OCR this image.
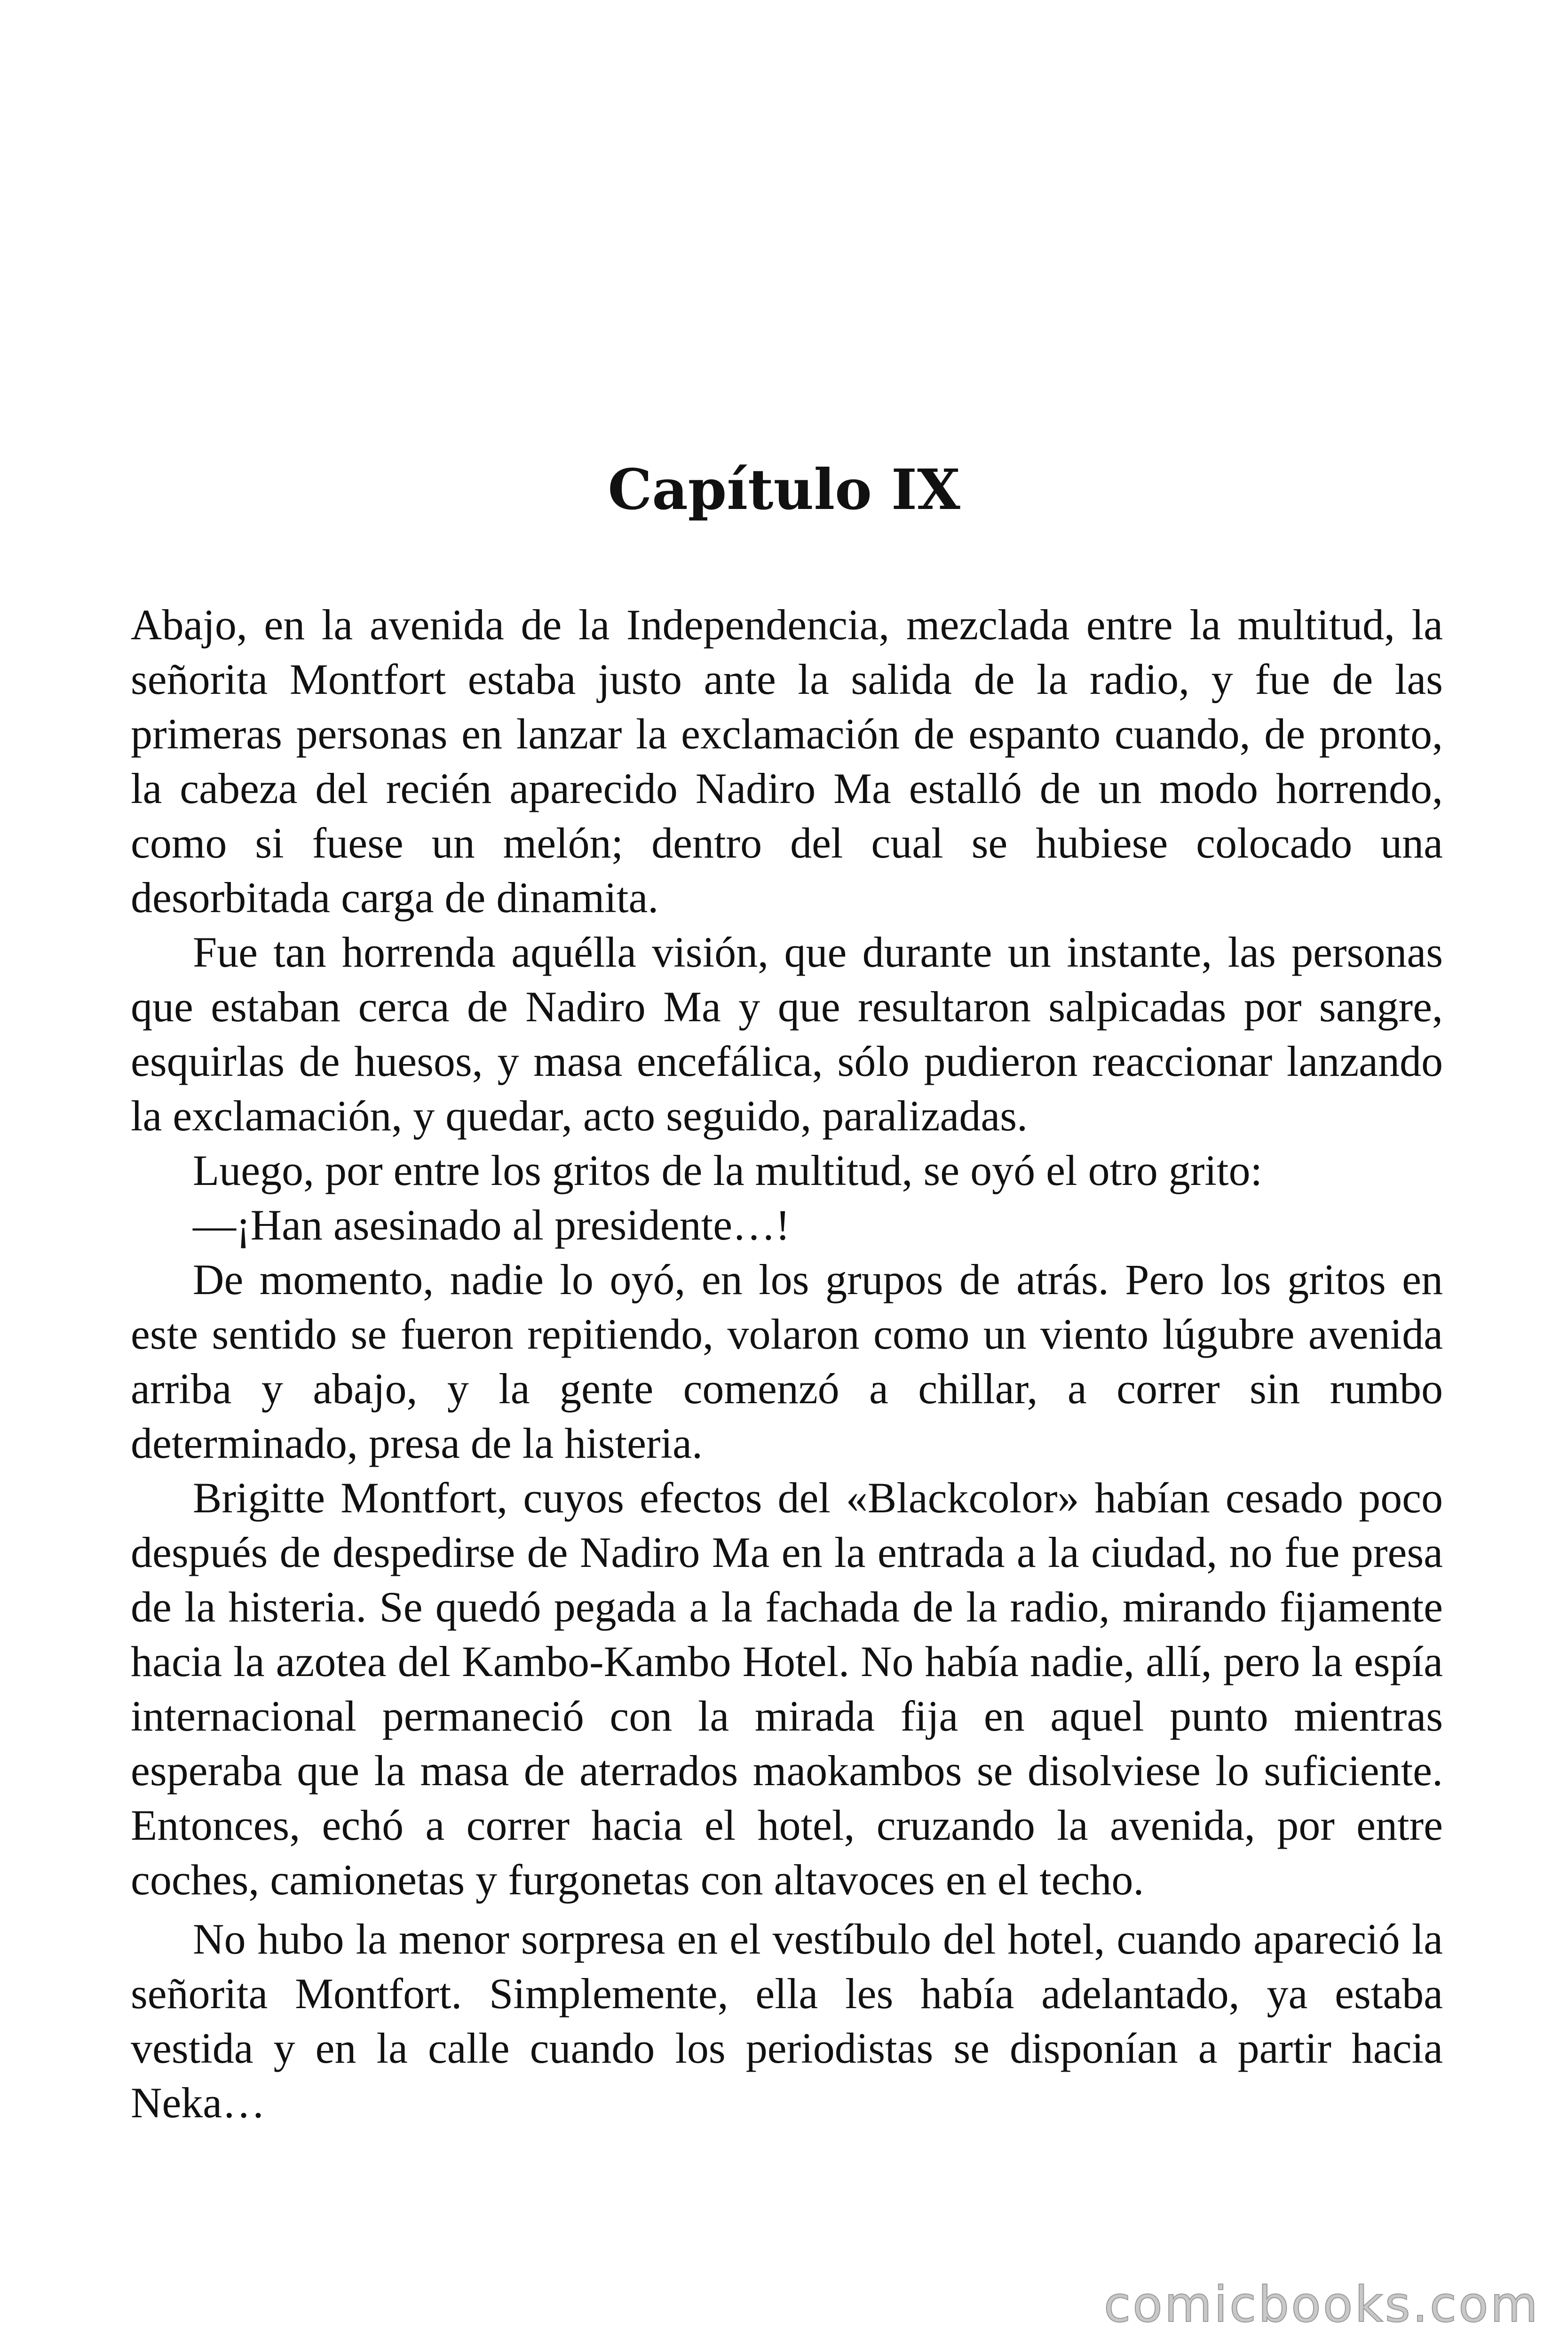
Capítulo IX

Abajo, en la avenida de la Independencia, mezclada entre la multitud, la señorita Montfort estaba justo ante la salida de la radio, y fue de las primeras personas en lanzar la exclamación de espanto cuando, de pronto, la cabeza del recién aparecido Nadiro Ma estalló de un modo horrendo, como si fuese un melón; dentro del cual se hubiese colocado una desorbitada carga de dinamita.

Fue tan horrenda aquélla visión, que durante un instante, las personas que estaban cerca de Nadiro Ma y que resultaron salpicadas por sangre, esquirlas de huesos, y masa encefálica, sólo pudieron reaccionar lanzando la exclamación, y quedar, acto seguido, paralizadas.

Luego, por entre los gritos de la multitud, se oyó el otro grito:

—¡Han asesinado al presidente…!

De momento, nadie lo oyó, en los grupos de atrás. Pero los gritos en este sentido se fueron repitiendo, volaron como un viento lúgubre avenida arriba y abajo, y la gente comenzó a chillar, a correr sin rumbo determinado, presa de la histeria.

Brigitte Montfort, cuyos efectos del «Blackcolor» habían cesado poco después de despedirse de Nadiro Ma en la entrada a la ciudad, no fue presa de la histeria. Se quedó pegada a la fachada de la radio, mirando fijamente hacia la azotea del Kambo-Kambo Hotel. No había nadie, allí, pero la espía internacional permaneció con la mirada fija en aquel punto mientras esperaba que la masa de aterrados maokambos se disolviese lo suficiente. Entonces, echó a correr hacia el hotel, cruzando la avenida, por entre coches, camionetas y furgonetas con altavoces en el techo.

No hubo la menor sorpresa en el vestíbulo del hotel, cuando apareció la señorita Montfort. Simplemente, ella les había adelantado, ya estaba vestida y en la calle cuando los periodistas se disponían a partir hacia Neka…

comicbooks.com
